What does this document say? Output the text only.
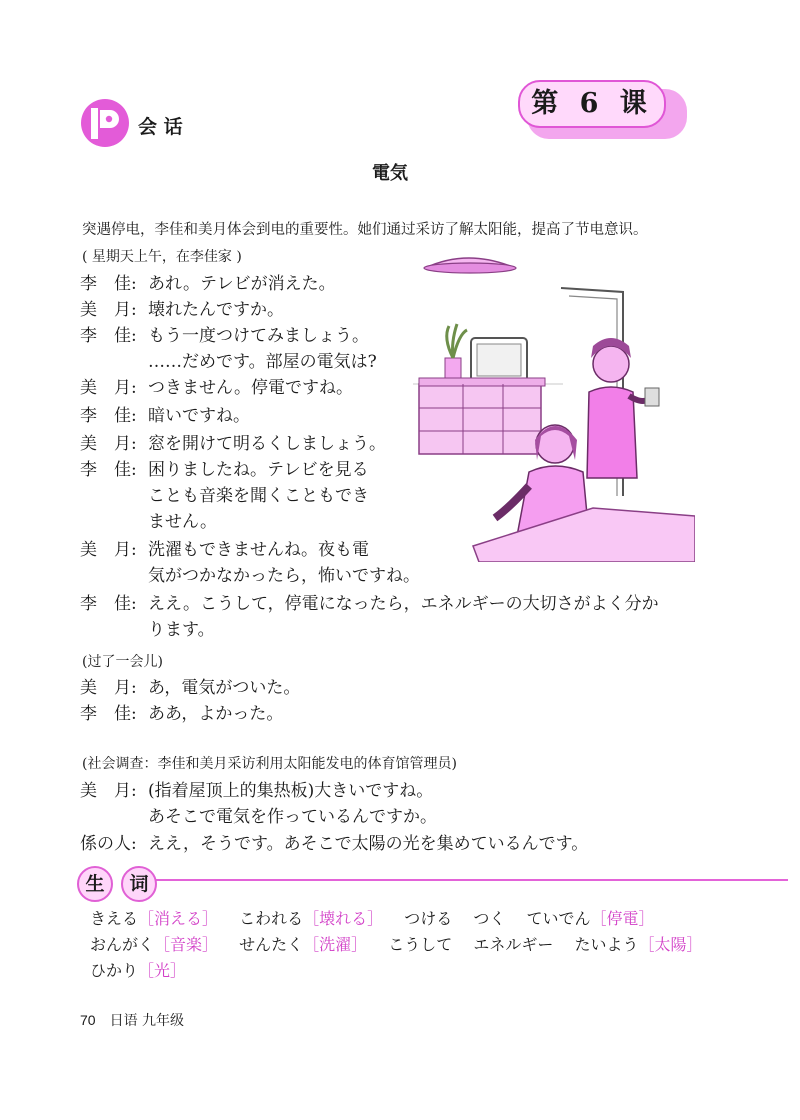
会 话
第 6 课
電気
突遇停电，李佳和美月体会到电的重要性。她们通过采访了解太阳能，提高了节电意识。
( 星期天上午，在李佳家 )
李　佳: あれ。テレビが消えた。
美　月: 壊れたんですか。
李　佳: もう一度つけてみましょう。
……だめです。部屋の電気は?
美　月: つきません。停電ですね。
李　佳: 暗いですね。
美　月: 窓を開けて明るくしましょう。
李　佳: 困りましたね。テレビを見る
ことも音楽を聞くこともでき
ません。
美　月: 洗濯もできませんね。夜も電
気がつかなかったら，怖いですね。
李　佳: ええ。こうして，停電になったら，エネルギーの大切さがよく分か
ります。
(过了一会儿)
美　月: あ，電気がついた。
李　佳: ああ，よかった。
(社会调查：李佳和美月采访利用太阳能发电的体育馆管理员)
美　月: (指着屋顶上的集热板)大きいですね。
あそこで電気を作っているんですか。
係の人: ええ，そうです。あそこで太陽の光を集めているんです。
生	词
きえる［消える］ こわれる［壊れる］ つける つく ていでん［停電］
おんがく［音楽］ せんたく［洗濯］ こうして エネルギー たいよう［太陽］
ひかり［光］
70 日语 九年级
